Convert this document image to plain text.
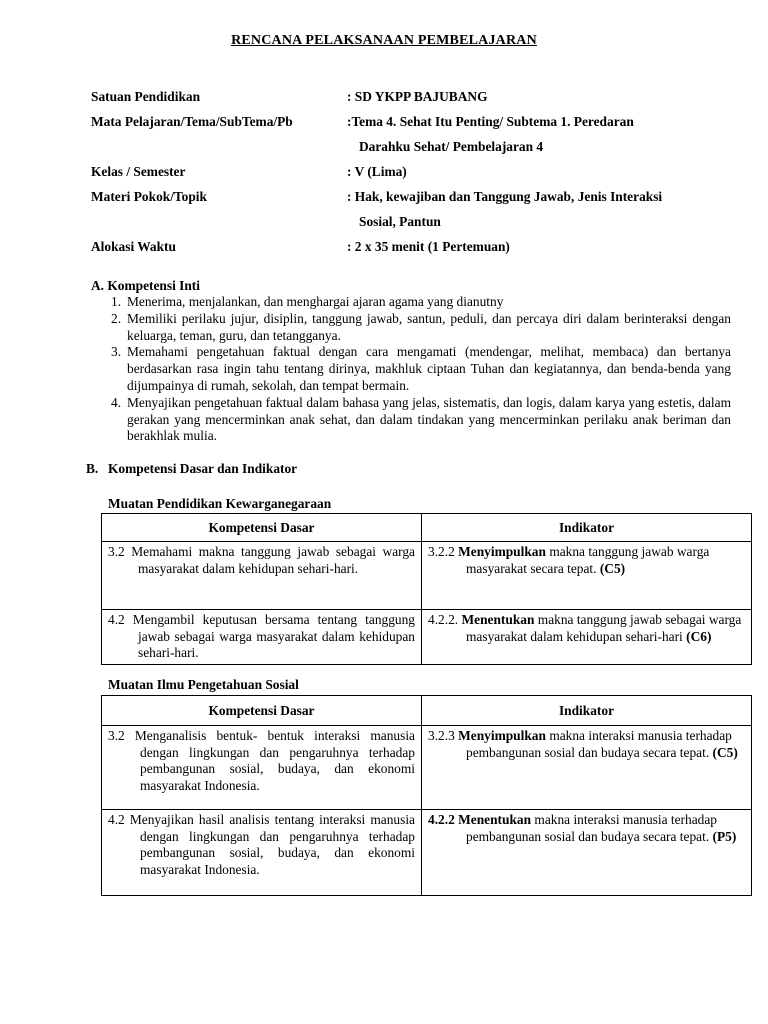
RENCANA PELAKSANAAN PEMBELAJARAN
Satuan Pendidikan	: SD YKPP BAJUBANG
Mata Pelajaran/Tema/SubTema/Pb	:Tema 4. Sehat Itu Penting/ Subtema 1. Peredaran
Darahku Sehat/ Pembelajaran 4
Kelas / Semester	: V (Lima)
Materi Pokok/Topik	: Hak, kewajiban dan Tanggung Jawab, Jenis Interaksi
Sosial, Pantun
Alokasi Waktu	: 2 x 35 menit (1 Pertemuan)
A. Kompetensi Inti
1. Menerima, menjalankan, dan menghargai ajaran agama yang dianutny
2. Memiliki perilaku jujur, disiplin, tanggung jawab, santun, peduli, dan percaya diri dalam berinteraksi dengan keluarga, teman, guru, dan tetangganya.
3. Memahami pengetahuan faktual dengan cara mengamati (mendengar, melihat, membaca) dan bertanya berdasarkan rasa ingin tahu tentang dirinya, makhluk ciptaan Tuhan dan kegiatannya, dan benda-benda yang dijumpainya di rumah, sekolah, dan tempat bermain.
4. Menyajikan pengetahuan faktual dalam bahasa yang jelas, sistematis, dan logis, dalam karya yang estetis, dalam gerakan yang mencerminkan anak sehat, dan dalam tindakan yang mencerminkan perilaku anak beriman dan berakhlak mulia.
B. Kompetensi Dasar dan Indikator
Muatan Pendidikan Kewarganegaraan
Kompetensi Dasar	Indikator

3.2 Memahami makna tanggung jawab sebagai warga masyarakat dalam kehidupan sehari-hari.	3.2.2 Menyimpulkan makna tanggung jawab warga masyarakat secara tepat. (C5)

4.2 Mengambil keputusan bersama tentang tanggung jawab sebagai warga masyarakat dalam kehidupan sehari-hari.	4.2.2. Menentukan makna tanggung jawab sebagai warga masyarakat dalam kehidupan sehari-hari (C6)
Muatan Ilmu Pengetahuan Sosial
Kompetensi Dasar	Indikator

3.2 Menganalisis bentuk- bentuk interaksi manusia dengan lingkungan dan pengaruhnya terhadap pembangunan sosial, budaya, dan ekonomi masyarakat Indonesia.	3.2.3 Menyimpulkan makna interaksi manusia terhadap pembangunan sosial dan budaya secara tepat. (C5)

4.2 Menyajikan hasil analisis tentang interaksi manusia dengan lingkungan dan pengaruhnya terhadap pembangunan sosial, budaya, dan ekonomi masyarakat Indonesia.	4.2.2 Menentukan makna interaksi manusia terhadap pembangunan sosial dan budaya secara tepat. (P5)
